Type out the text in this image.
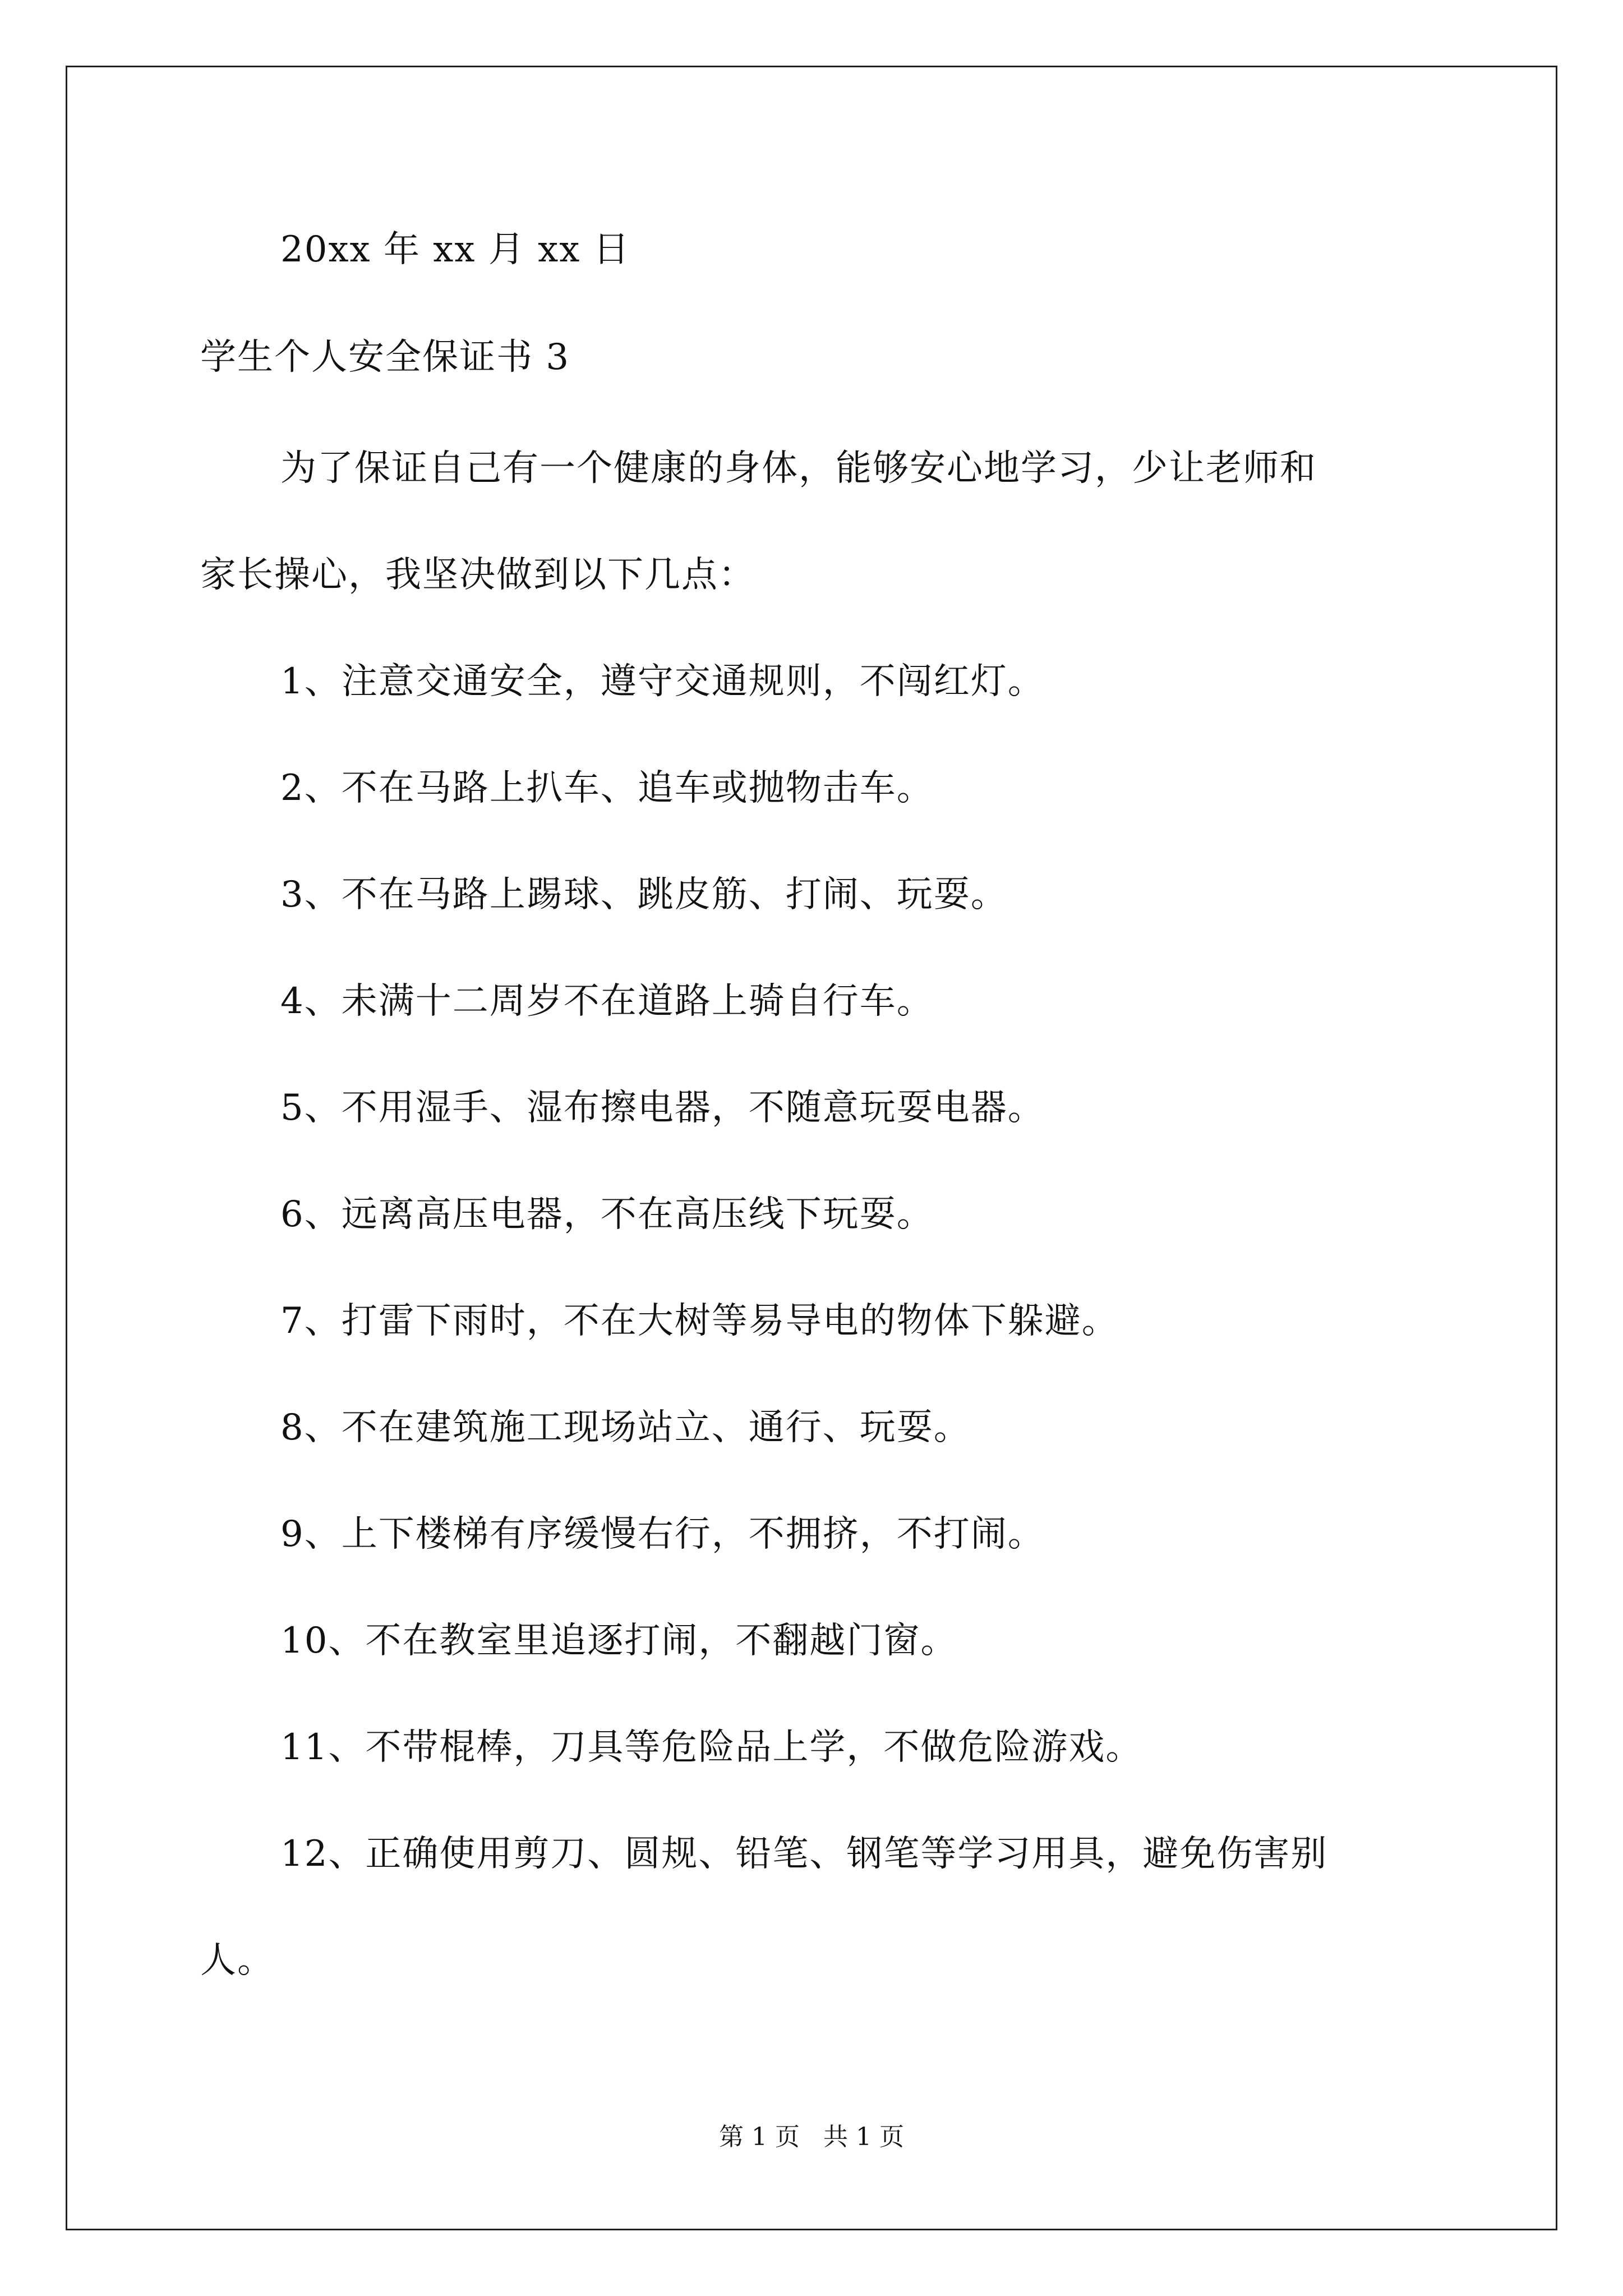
20xx 年 xx 月 xx 日
学生个人安全保证书 3
为了保证自己有一个健康的身体，能够安心地学习，少让老师和
家长操心，我坚决做到以下几点：
1、注意交通安全，遵守交通规则，不闯红灯。
2、不在马路上扒车、追车或抛物击车。
3、不在马路上踢球、跳皮筋、打闹、玩耍。
4、未满十二周岁不在道路上骑自行车。
5、不用湿手、湿布擦电器，不随意玩耍电器。
6、远离高压电器，不在高压线下玩耍。
7、打雷下雨时，不在大树等易导电的物体下躲避。
8、不在建筑施工现场站立、通行、玩耍。
9、上下楼梯有序缓慢右行，不拥挤，不打闹。
10、不在教室里追逐打闹，不翻越门窗。
11、不带棍棒，刀具等危险品上学，不做危险游戏。
12、正确使用剪刀、圆规、铅笔、钢笔等学习用具，避免伤害别
人。
第 1 页   共 1 页
